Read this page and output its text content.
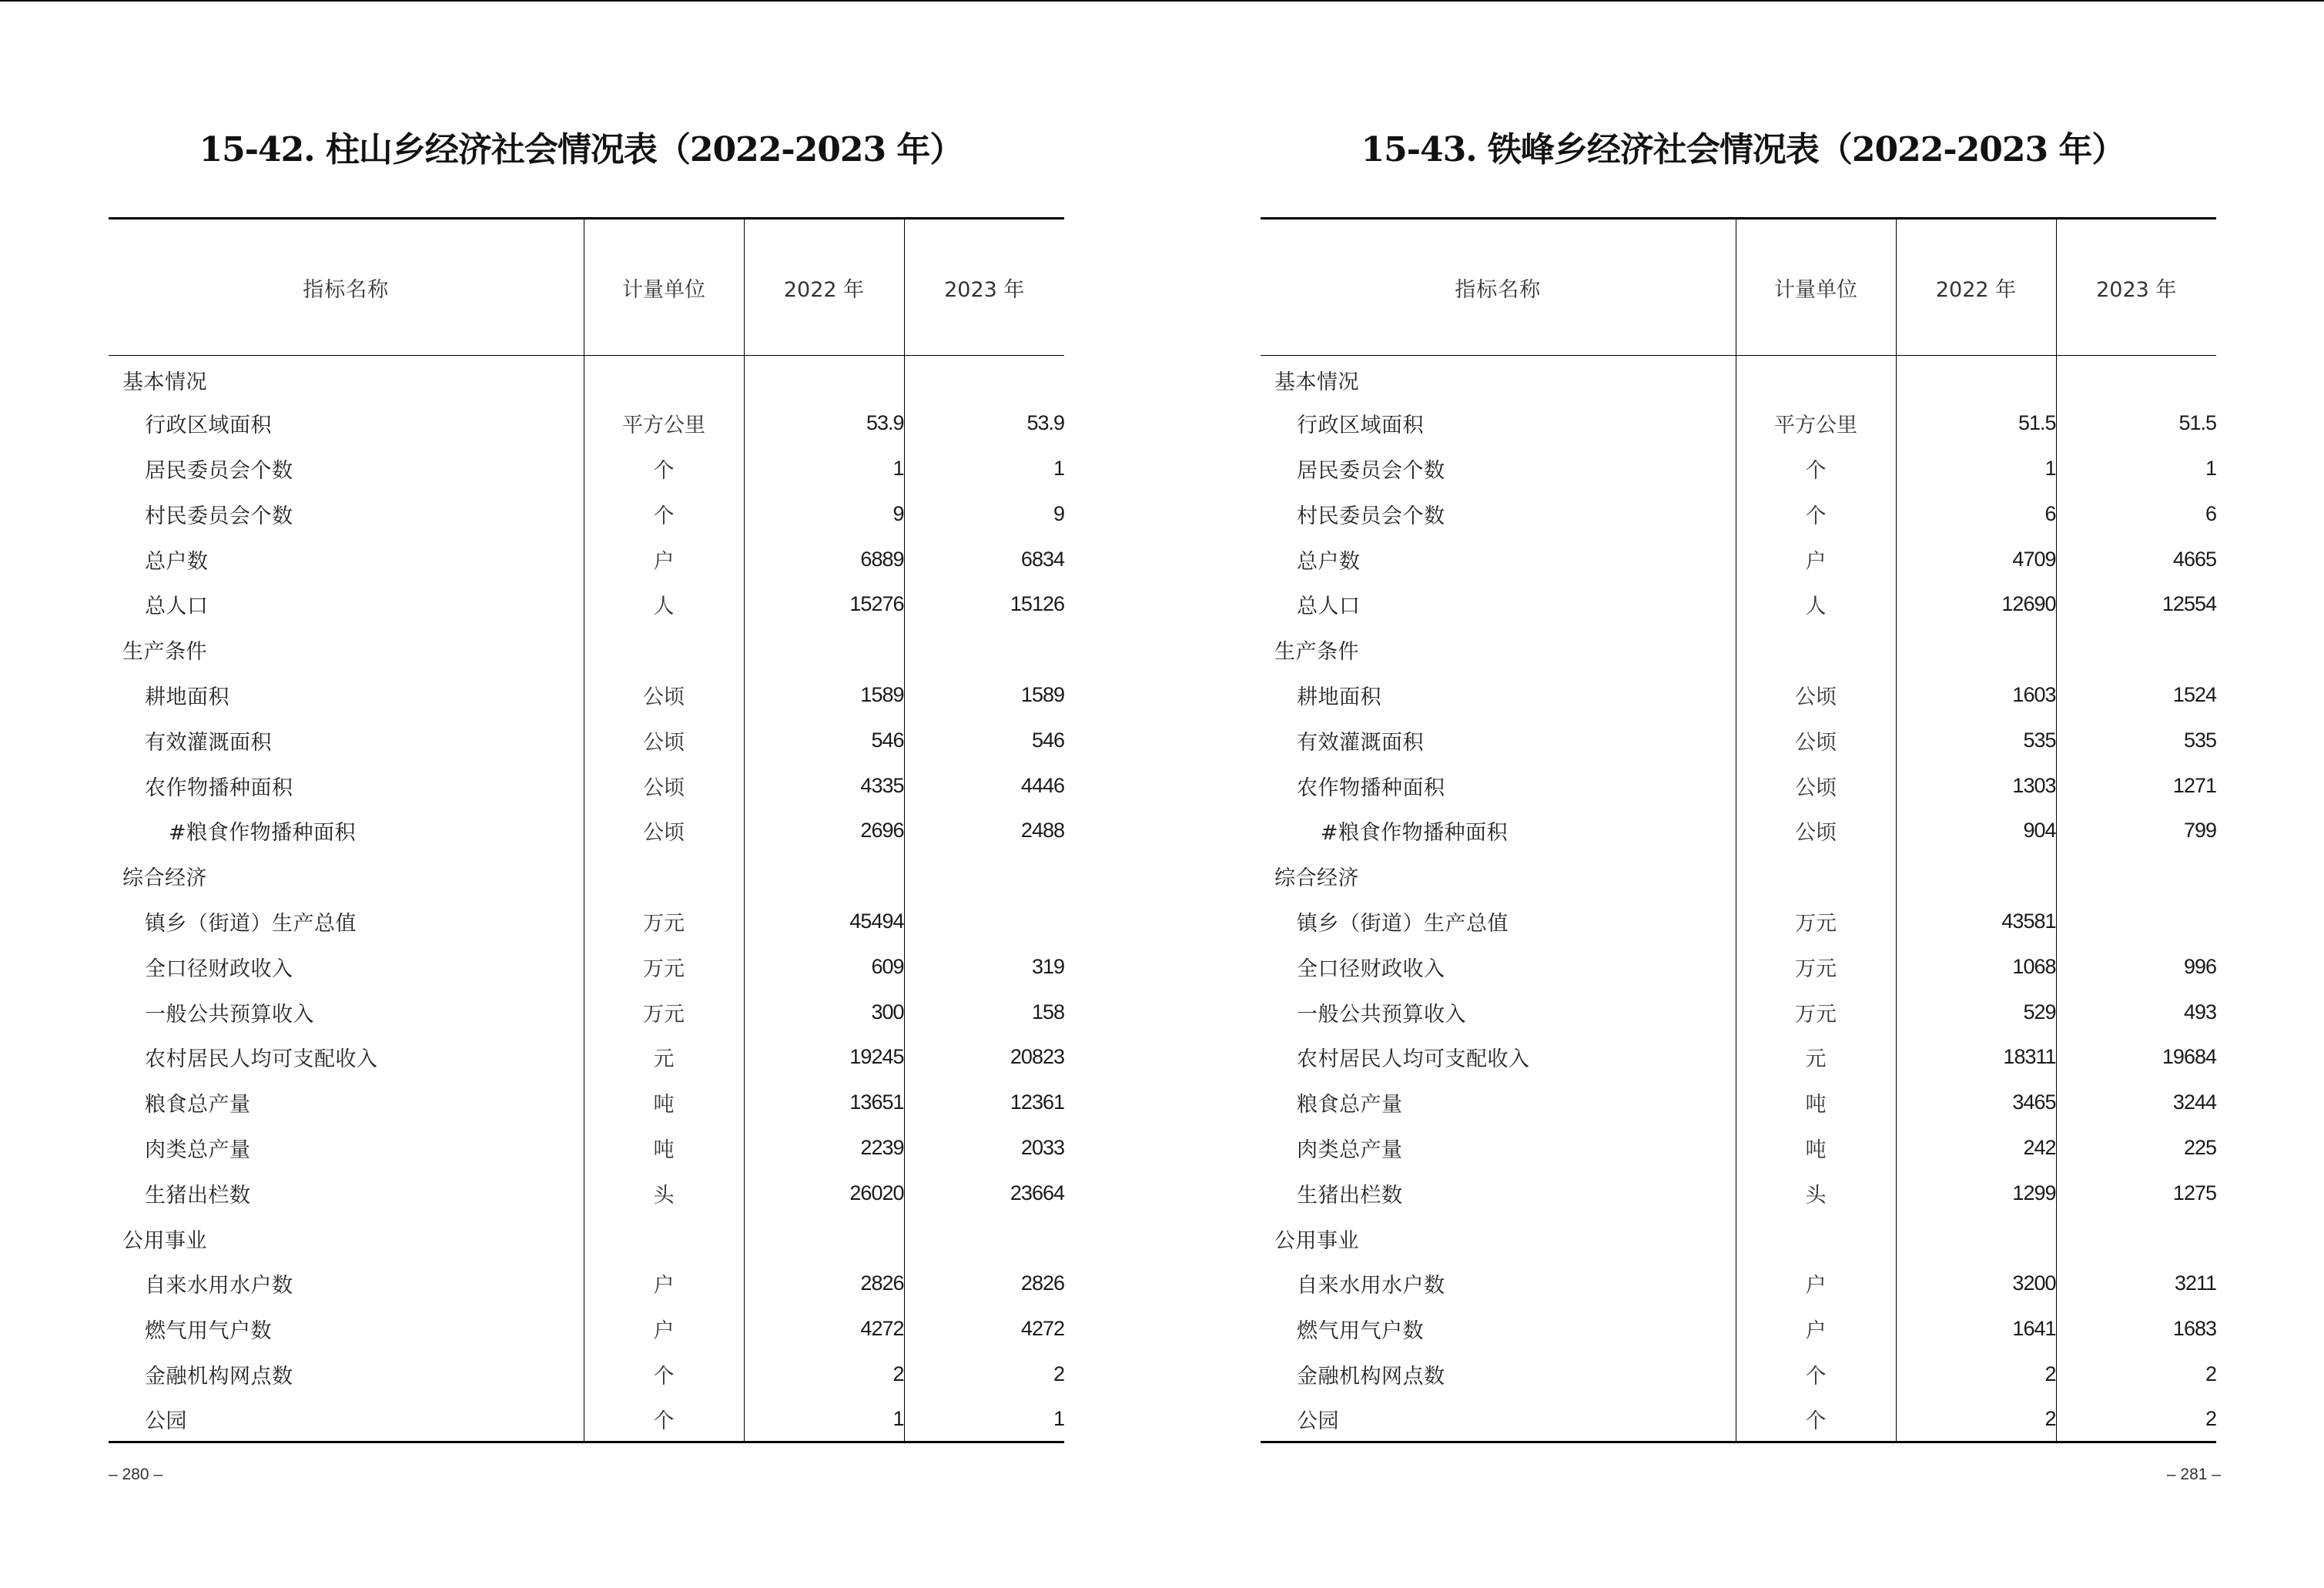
15-42. 柱山乡经济社会情况表（2022-2023 年）
指标名称	计量单位	2022 年	2023 年
基本情况			
行政区域面积	平方公里	53.9	53.9
居民委员会个数	个	1	1
村民委员会个数	个	9	9
总户数	户	6889	6834
总人口	人	15276	15126
生产条件			
耕地面积	公顷	1589	1589
有效灌溉面积	公顷	546	546
农作物播种面积	公顷	4335	4446
#粮食作物播种面积	公顷	2696	2488
综合经济			
镇乡（街道）生产总值	万元	45494	
全口径财政收入	万元	609	319
一般公共预算收入	万元	300	158
农村居民人均可支配收入	元	19245	20823
粮食总产量	吨	13651	12361
肉类总产量	吨	2239	2033
生猪出栏数	头	26020	23664
公用事业			
自来水用水户数	户	2826	2826
燃气用气户数	户	4272	4272
金融机构网点数	个	2	2
公园	个	1	1
– 280 –
15-43. 铁峰乡经济社会情况表（2022-2023 年）
指标名称	计量单位	2022 年	2023 年
基本情况			
行政区域面积	平方公里	51.5	51.5
居民委员会个数	个	1	1
村民委员会个数	个	6	6
总户数	户	4709	4665
总人口	人	12690	12554
生产条件			
耕地面积	公顷	1603	1524
有效灌溉面积	公顷	535	535
农作物播种面积	公顷	1303	1271
#粮食作物播种面积	公顷	904	799
综合经济			
镇乡（街道）生产总值	万元	43581	
全口径财政收入	万元	1068	996
一般公共预算收入	万元	529	493
农村居民人均可支配收入	元	18311	19684
粮食总产量	吨	3465	3244
肉类总产量	吨	242	225
生猪出栏数	头	1299	1275
公用事业			
自来水用水户数	户	3200	3211
燃气用气户数	户	1641	1683
金融机构网点数	个	2	2
公园	个	2	2
– 281 –
